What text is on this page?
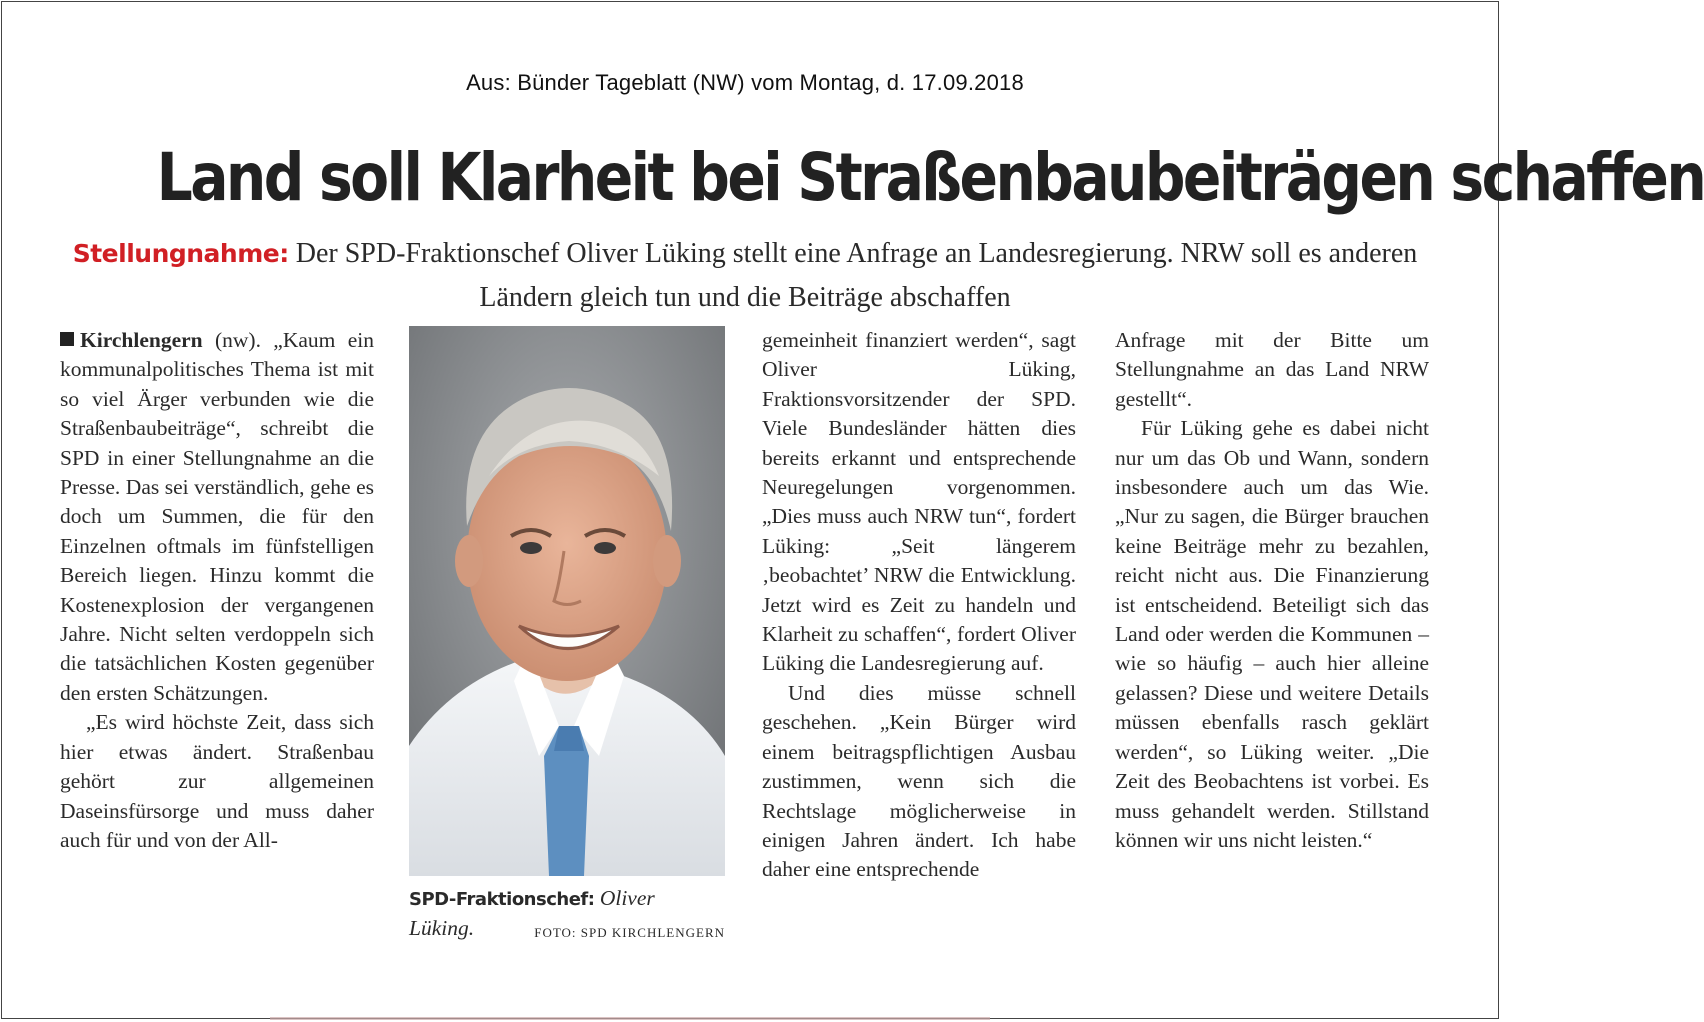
Aus: Bünder Tageblatt (NW) vom Montag, d. 17.09.2018
Land soll Klarheit bei Straßenbaubeiträgen schaffen
Stellungnahme: Der SPD-Fraktionschef Oliver Lüking stellt eine Anfrage an Landesregierung. NRW soll es anderen Ländern gleich tun und die Beiträge abschaffen

Kirchlengern (nw). „Kaum ein kommunalpolitisches Thema ist mit so viel Ärger verbunden wie die Straßenbaubeiträge“, schreibt die SPD in einer Stellungnahme an die Presse. Das sei verständlich, gehe es doch um Summen, die für den Einzelnen oftmals im fünfstelligen Bereich liegen. Hinzu kommt die Kostenexplosion der vergangenen Jahre. Nicht selten verdoppeln sich die tatsächlichen Kosten gegenüber den ersten Schätzungen.

„Es wird höchste Zeit, dass sich hier etwas ändert. Straßenbau gehört zur allgemeinen Daseinsfürsorge und muss daher auch für und von der All-

SPD-Fraktionschef: Oliver Lüking.	FOTO: SPD KIRCHLENGERN

gemeinheit finanziert werden“, sagt Oliver Lüking, Fraktionsvorsitzender der SPD. Viele Bundesländer hätten dies bereits erkannt und entsprechende Neuregelungen vorgenommen. „Dies muss auch NRW tun“, fordert Lüking: „Seit längerem ‚beobachtet’ NRW die Entwicklung. Jetzt wird es Zeit zu handeln und Klarheit zu schaffen“, fordert Oliver Lüking die Landesregierung auf.

Und dies müsse schnell geschehen. „Kein Bürger wird einem beitragspflichtigen Ausbau zustimmen, wenn sich die Rechtslage möglicherweise in einigen Jahren ändert. Ich habe daher eine entsprechende

Anfrage mit der Bitte um Stellungnahme an das Land NRW gestellt“.

Für Lüking gehe es dabei nicht nur um das Ob und Wann, sondern insbesondere auch um das Wie. „Nur zu sagen, die Bürger brauchen keine Beiträge mehr zu bezahlen, reicht nicht aus. Die Finanzierung ist entscheidend. Beteiligt sich das Land oder werden die Kommunen – wie so häufig – auch hier alleine gelassen? Diese und weitere Details müssen ebenfalls rasch geklärt werden“, so Lüking weiter. „Die Zeit des Beobachtens ist vorbei. Es muss gehandelt werden. Stillstand können wir uns nicht leisten.“
